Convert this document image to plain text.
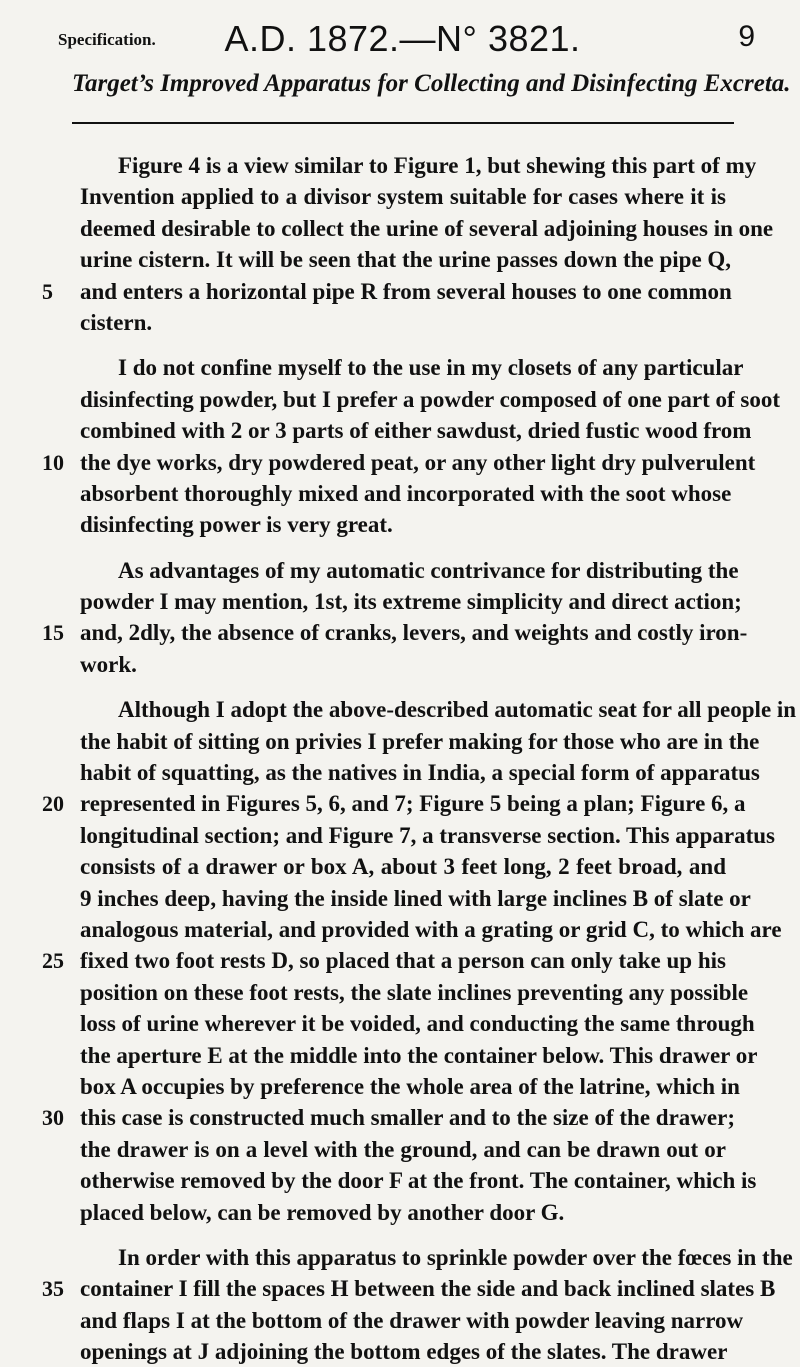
Specification.	A.D. 1872.—N° 3821.	9
Target’s Improved Apparatus for Collecting and Disinfecting Excreta.
Figure 4 is a view similar to Figure 1, but shewing this part of my
Invention applied to a divisor system suitable for cases where it is
deemed desirable to collect the urine of several adjoining houses in one
urine cistern. It will be seen that the urine passes down the pipe Q,
5	and enters a horizontal pipe R from several houses to one common
cistern.
I do not confine myself to the use in my closets of any particular
disinfecting powder, but I prefer a powder composed of one part of soot
combined with 2 or 3 parts of either sawdust, dried fustic wood from
10 the dye works, dry powdered peat, or any other light dry pulverulent
absorbent thoroughly mixed and incorporated with the soot whose
disinfecting power is very great.
As advantages of my automatic contrivance for distributing the
powder I may mention, 1st, its extreme simplicity and direct action;
15 and, 2dly, the absence of cranks, levers, and weights and costly iron-
work.
Although I adopt the above-described automatic seat for all people in
the habit of sitting on privies I prefer making for those who are in the
habit of squatting, as the natives in India, a special form of apparatus
20 represented in Figures 5, 6, and 7; Figure 5 being a plan; Figure 6, a
longitudinal section; and Figure 7, a transverse section. This apparatus
consists of a drawer or box A, about 3 feet long, 2 feet broad, and
9 inches deep, having the inside lined with large inclines B of slate or
analogous material, and provided with a grating or grid C, to which are
25 fixed two foot rests D, so placed that a person can only take up his
position on these foot rests, the slate inclines preventing any possible
loss of urine wherever it be voided, and conducting the same through
the aperture E at the middle into the container below. This drawer or
box A occupies by preference the whole area of the latrine, which in
30 this case is constructed much smaller and to the size of the drawer;
the drawer is on a level with the ground, and can be drawn out or
otherwise removed by the door F at the front. The container, which is
placed below, can be removed by another door G.
In order with this apparatus to sprinkle powder over the fœces in the
35 container I fill the spaces H between the side and back inclined slates B
and flaps I at the bottom of the drawer with powder leaving narrow
openings at J adjoining the bottom edges of the slates. The drawer
